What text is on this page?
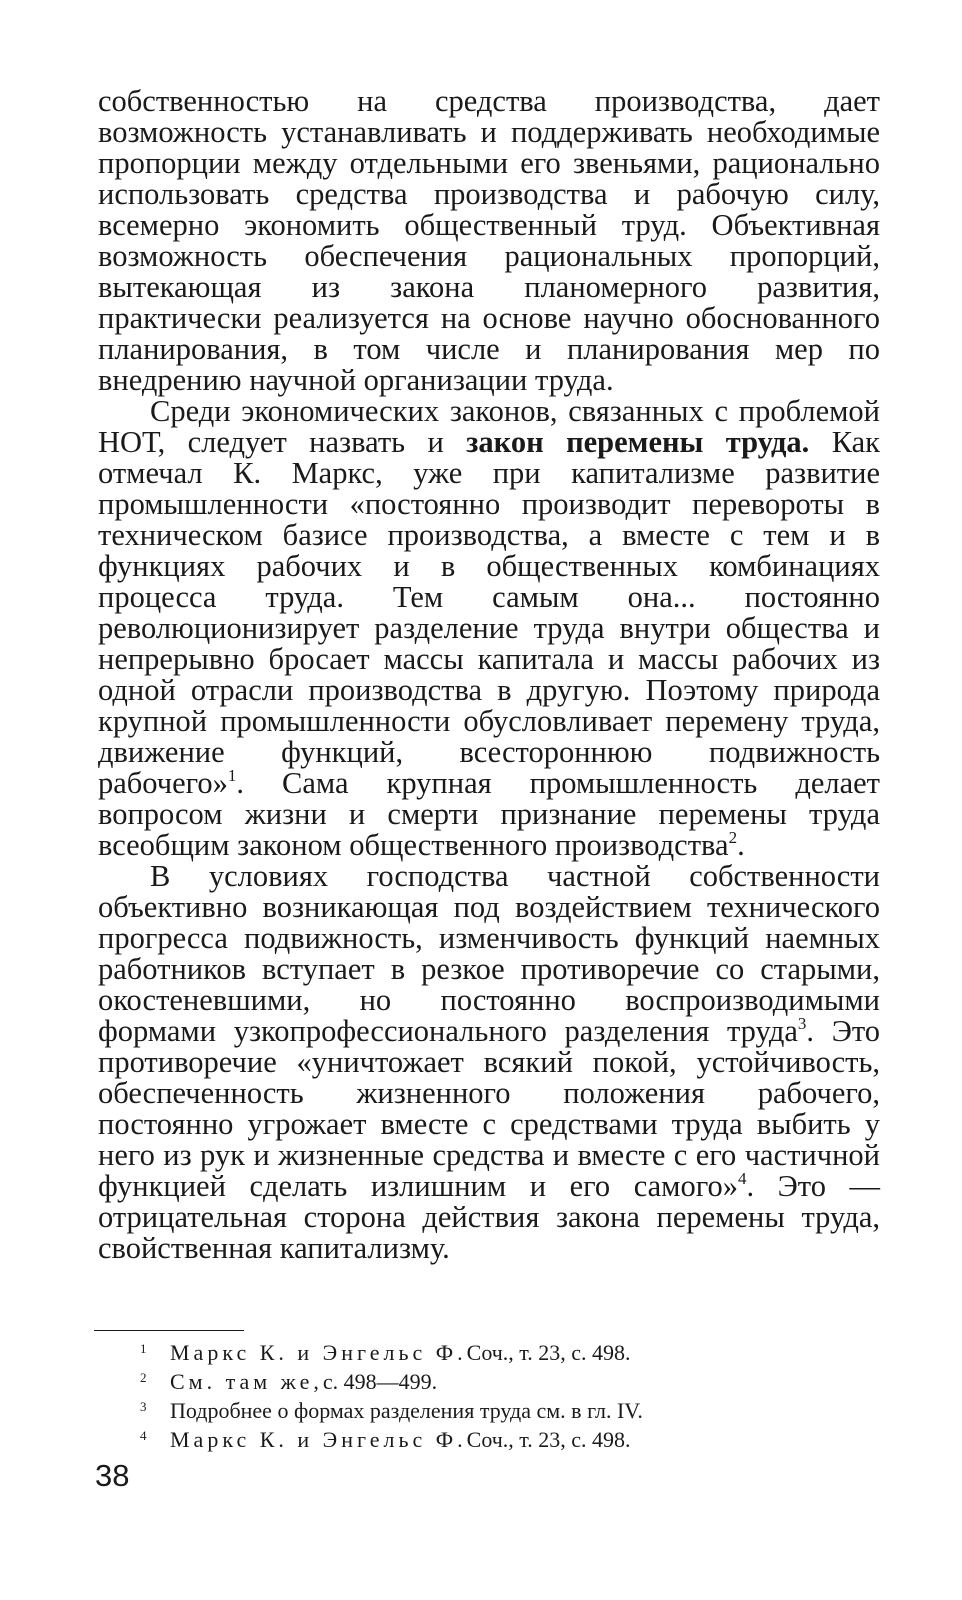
собственностью на средства производства, дает возможность устанавливать и поддерживать необходимые пропорции между отдельными его звеньями, рационально использовать средства производства и рабочую силу, всемерно экономить общественный труд. Объективная возможность обеспечения рациональных пропорций, вытекающая из закона планомерного развития, практически реализуется на основе научно обоснованного планирования, в том числе и планирования мер по внедрению научной организации труда.

Среди экономических законов, связанных с проблемой НОТ, следует назвать и закон перемены труда. Как отмечал К. Маркс, уже при капитализме развитие промышленности «постоянно производит перевороты в техническом базисе производства, а вместе с тем и в функциях рабочих и в общественных комбинациях процесса труда. Тем самым она... постоянно революционизирует разделение труда внутри общества и непрерывно бросает массы капитала и массы рабочих из одной отрасли производства в другую. Поэтому природа крупной промышленности обусловливает перемену труда, движение функций, всестороннюю подвижность рабочего»$^1$. Сама крупная промышленность делает вопросом жизни и смерти признание перемены труда всеобщим законом общественного производства$^2$.

В условиях господства частной собственности объективно возникающая под воздействием технического прогресса подвижность, изменчивость функций наемных работников вступает в резкое противоречие со старыми, окостеневшими, но постоянно воспроизводимыми формами узкопрофессионального разделения труда$^3$. Это противоречие «уничтожает всякий покой, устойчивость, обеспеченность жизненного положения рабочего, постоянно угрожает вместе с средствами труда выбить у него из рук и жизненные средства и вместе с его частичной функцией сделать излишним и его самого»$^4$. Это —отрицательная сторона действия закона перемены труда, свойственная капитализму.

1	Маркс К. и Энгельс Ф. Соч., т. 23, с. 498.
2	См. там же, с. 498—499.
3	Подробнее о формах разделения труда см. в гл. IV.
4	Маркс К. и Энгельс Ф. Соч., т. 23, с. 498.
38
